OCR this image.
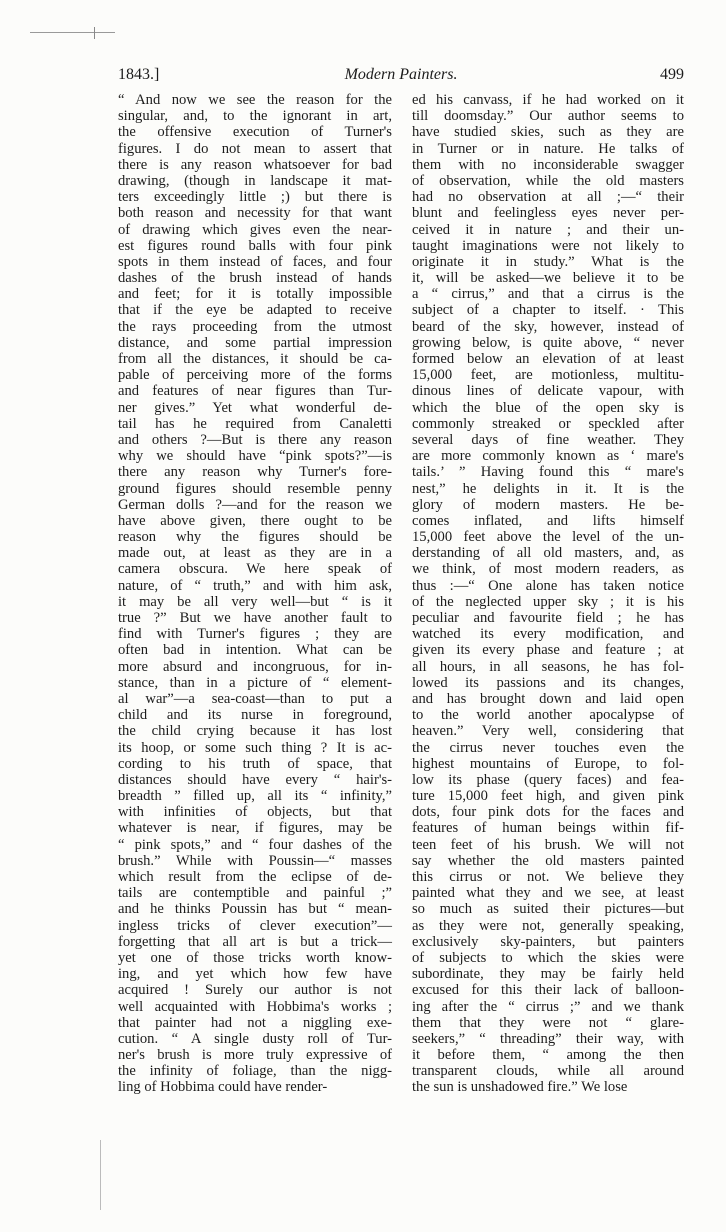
1843.]	Modern Painters.	499
“ And now we see the reason for the
singular, and, to the ignorant in art,
the offensive execution of Turner's
figures. I do not mean to assert that
there is any reason whatsoever for bad
drawing, (though in landscape it mat-
ters exceedingly little ;) but there is
both reason and necessity for that want
of drawing which gives even the near-
est figures round balls with four pink
spots in them instead of faces, and four
dashes of the brush instead of hands
and feet; for it is totally impossible
that if the eye be adapted to receive
the rays proceeding from the utmost
distance, and some partial impression
from all the distances, it should be ca-
pable of perceiving more of the forms
and features of near figures than Tur-
ner gives.” Yet what wonderful de-
tail has he required from Canaletti
and others ?—But is there any reason
why we should have “pink spots?”—is
there any reason why Turner's fore-
ground figures should resemble penny
German dolls ?—and for the reason we
have above given, there ought to be
reason why the figures should be
made out, at least as they are in a
camera obscura. We here speak of
nature, of “ truth,” and with him ask,
it may be all very well—but “ is it
true ?” But we have another fault to
find with Turner's figures ; they are
often bad in intention. What can be
more absurd and incongruous, for in-
stance, than in a picture of “ element-
al war”—a sea-coast—than to put a
child and its nurse in foreground,
the child crying because it has lost
its hoop, or some such thing ? It is ac-
cording to his truth of space, that
distances should have every “ hair's-
breadth ” filled up, all its “ infinity,”
with infinities of objects, but that
whatever is near, if figures, may be
“ pink spots,” and “ four dashes of the
brush.” While with Poussin—“ masses
which result from the eclipse of de-
tails are contemptible and painful ;”
and he thinks Poussin has but “ mean-
ingless tricks of clever execution”—
forgetting that all art is but a trick—
yet one of those tricks worth know-
ing, and yet which how few have
acquired ! Surely our author is not
well acquainted with Hobbima's works ;
that painter had not a niggling exe-
cution. “ A single dusty roll of Tur-
ner's brush is more truly expressive of
the infinity of foliage, than the nigg-
ling of Hobbima could have render-
ed his canvass, if he had worked on it
till doomsday.” Our author seems to
have studied skies, such as they are
in Turner or in nature. He talks of
them with no inconsiderable swagger
of observation, while the old masters
had no observation at all ;—“ their
blunt and feelingless eyes never per-
ceived it in nature ; and their un-
taught imaginations were not likely to
originate it in study.” What is the
it, will be asked—we believe it to be
a “ cirrus,” and that a cirrus is the
subject of a chapter to itself. · This
beard of the sky, however, instead of
growing below, is quite above, “ never
formed below an elevation of at least
15,000 feet, are motionless, multitu-
dinous lines of delicate vapour, with
which the blue of the open sky is
commonly streaked or speckled after
several days of fine weather. They
are more commonly known as ‘ mare's
tails.’ ” Having found this “ mare's
nest,” he delights in it. It is the
glory of modern masters. He be-
comes inflated, and lifts himself
15,000 feet above the level of the un-
derstanding of all old masters, and, as
we think, of most modern readers, as
thus :—“ One alone has taken notice
of the neglected upper sky ; it is his
peculiar and favourite field ; he has
watched its every modification, and
given its every phase and feature ; at
all hours, in all seasons, he has fol-
lowed its passions and its changes,
and has brought down and laid open
to the world another apocalypse of
heaven.” Very well, considering that
the cirrus never touches even the
highest mountains of Europe, to fol-
low its phase (query faces) and fea-
ture 15,000 feet high, and given pink
dots, four pink dots for the faces and
features of human beings within fif-
teen feet of his brush. We will not
say whether the old masters painted
this cirrus or not. We believe they
painted what they and we see, at least
so much as suited their pictures—but
as they were not, generally speaking,
exclusively sky-painters, but painters
of subjects to which the skies were
subordinate, they may be fairly held
excused for this their lack of balloon-
ing after the “ cirrus ;” and we thank
them that they were not “ glare-
seekers,” “ threading” their way, with
it before them, “ among the then
transparent clouds, while all around
the sun is unshadowed fire.” We lose
